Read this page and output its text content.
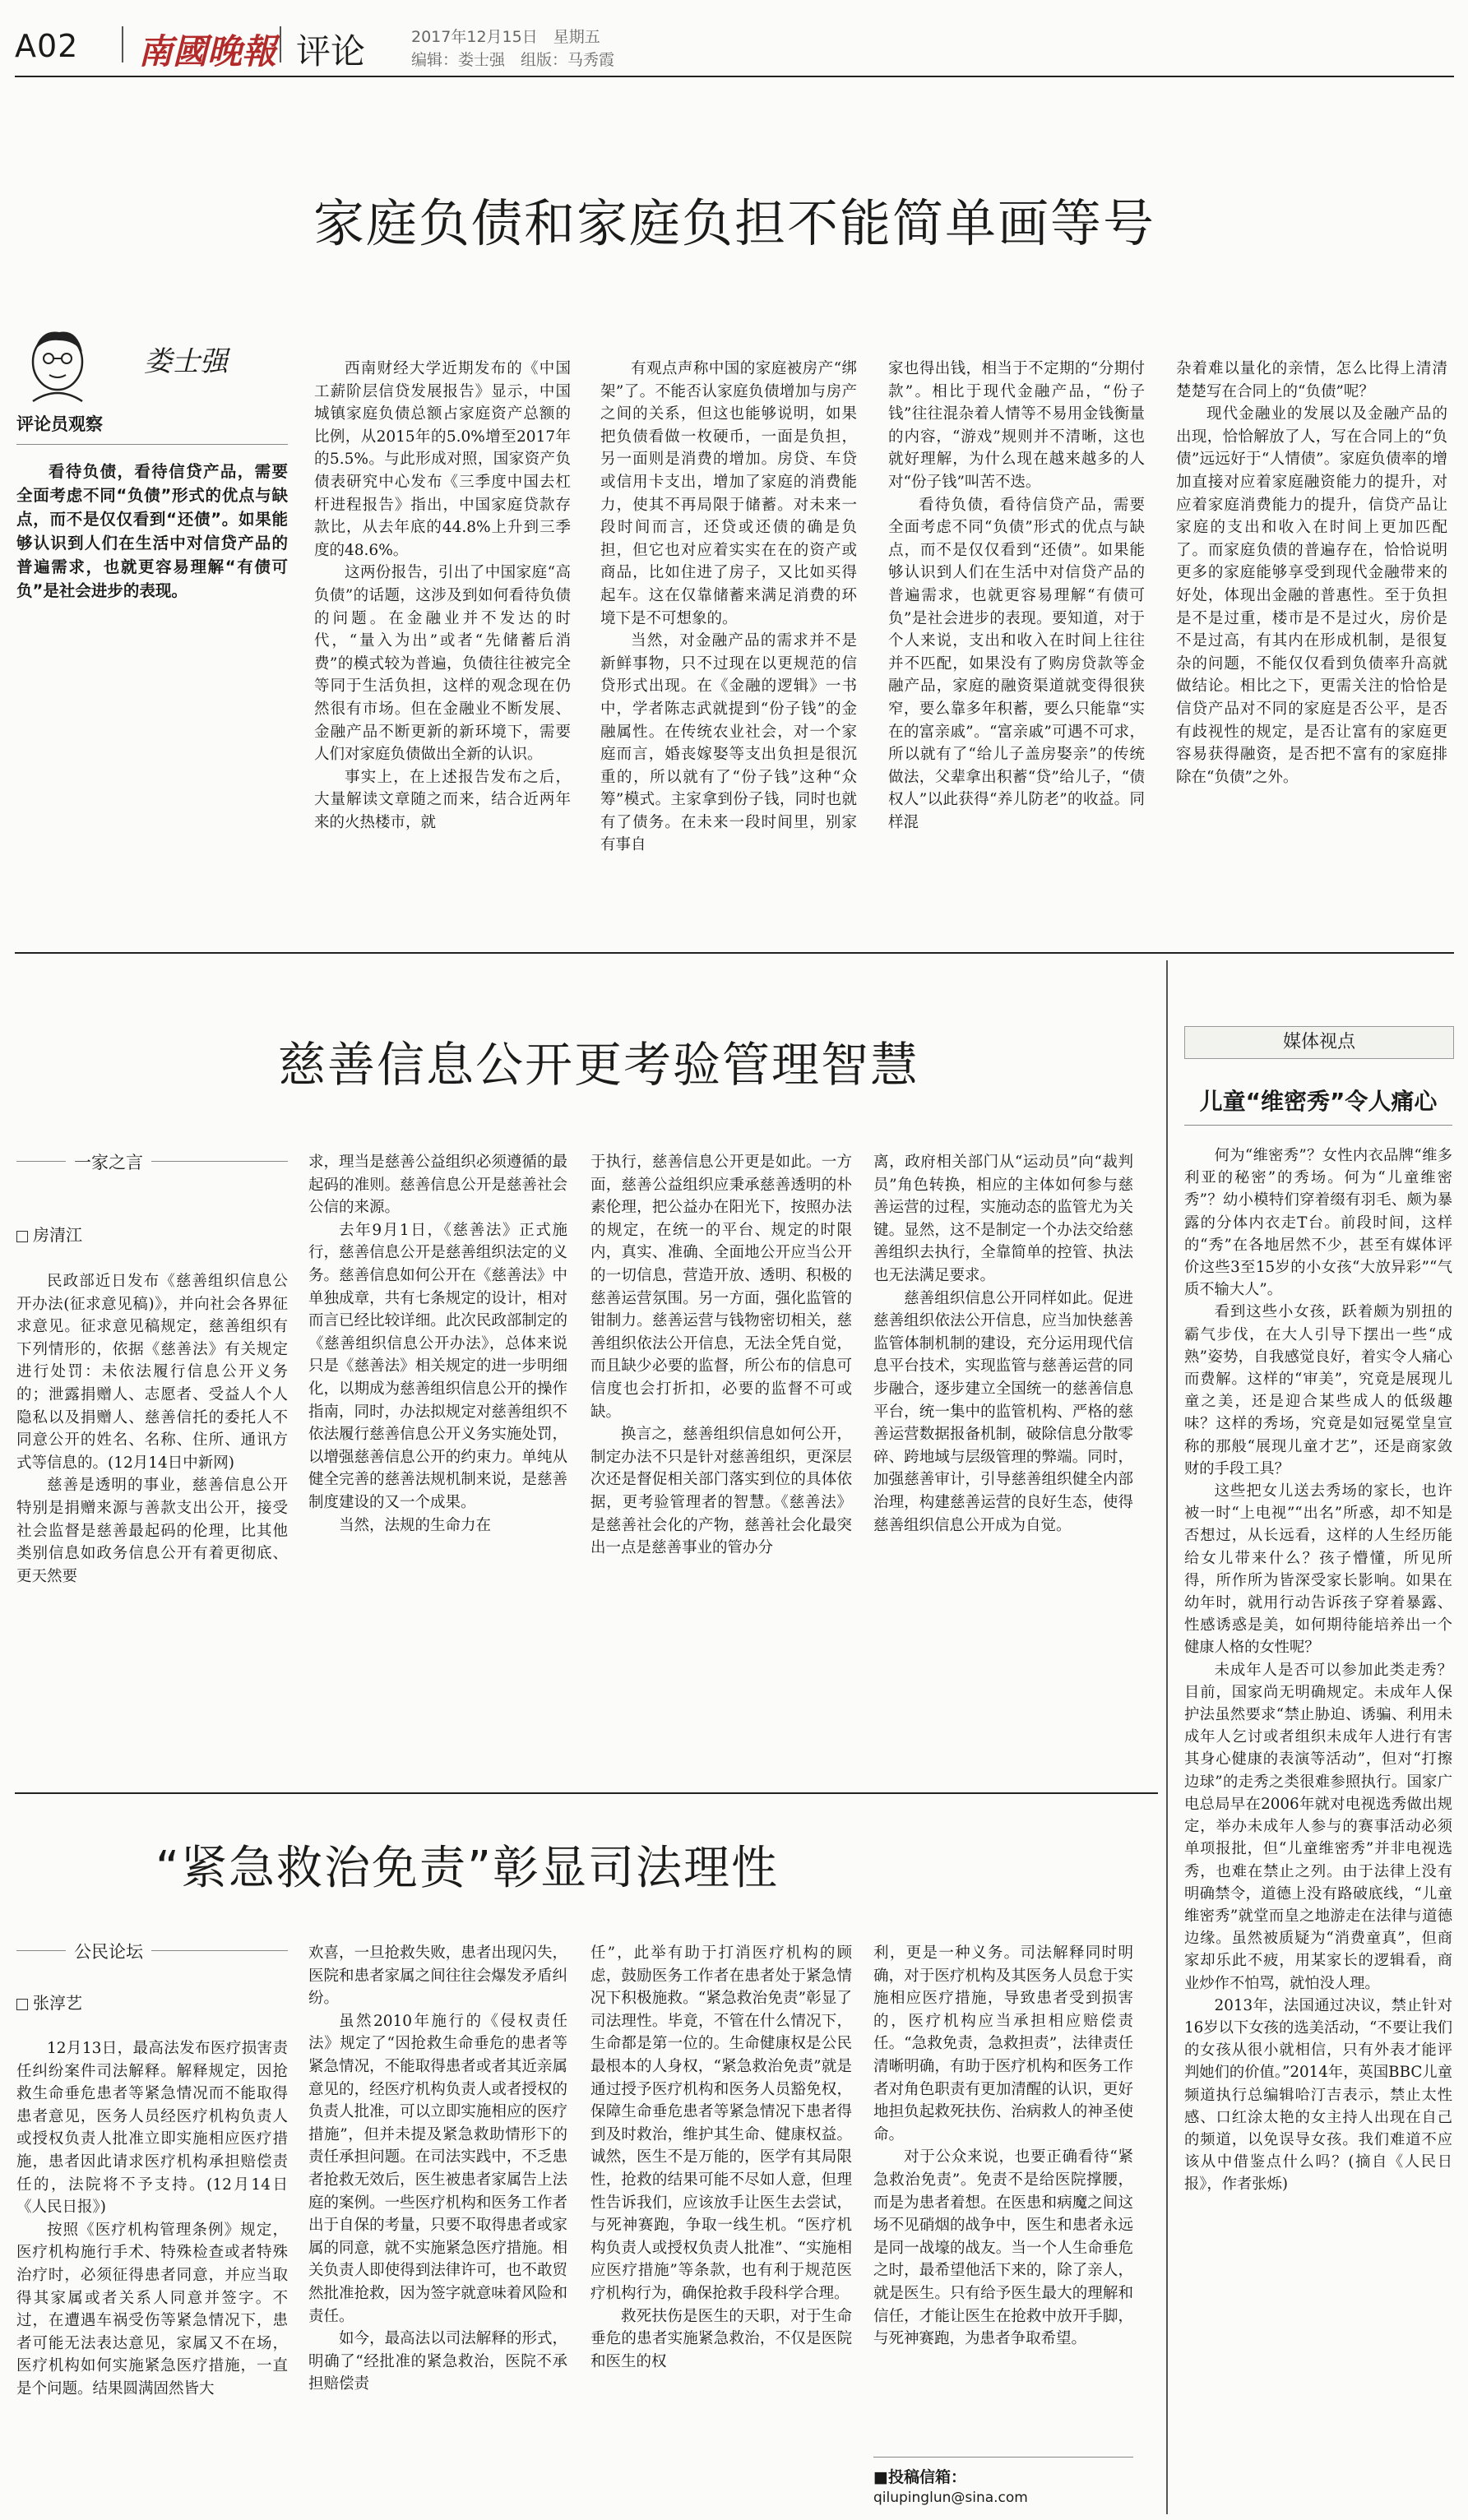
A02 南國晚報 评论	2017年12月15日　星期五
编辑：娄士强　组版：马秀霞
家庭负债和家庭负担不能简单画等号
娄士强
评论员观察
看待负债，看待信贷产品，需要全面考虑不同“负债”形式的优点与缺点，而不是仅仅看到“还债”。如果能够认识到人们在生活中对信贷产品的普遍需求，也就更容易理解“有债可负”是社会进步的表现。

西南财经大学近期发布的《中国工薪阶层信贷发展报告》显示，中国城镇家庭负债总额占家庭资产总额的比例，从2015年的5.0%增至2017年的5.5%。与此形成对照，国家资产负债表研究中心发布《三季度中国去杠杆进程报告》指出，中国家庭贷款存款比，从去年底的44.8%上升到三季度的48.6%。

这两份报告，引出了中国家庭“高负债”的话题，这涉及到如何看待负债的问题。在金融业并不发达的时代，“量入为出”或者“先储蓄后消费”的模式较为普遍，负债往往被完全等同于生活负担，这样的观念现在仍然很有市场。但在金融业不断发展、金融产品不断更新的新环境下，需要人们对家庭负债做出全新的认识。

事实上，在上述报告发布之后，大量解读文章随之而来，结合近两年来的火热楼市，就

有观点声称中国的家庭被房产“绑架”了。不能否认家庭负债增加与房产之间的关系，但这也能够说明，如果把负债看做一枚硬币，一面是负担，另一面则是消费的增加。房贷、车贷或信用卡支出，增加了家庭的消费能力，使其不再局限于储蓄。对未来一段时间而言，还贷或还债的确是负担，但它也对应着实实在在的资产或商品，比如住进了房子，又比如买得起车。这在仅靠储蓄来满足消费的环境下是不可想象的。

当然，对金融产品的需求并不是新鲜事物，只不过现在以更规范的信贷形式出现。在《金融的逻辑》一书中，学者陈志武就提到“份子钱”的金融属性。在传统农业社会，对一个家庭而言，婚丧嫁娶等支出负担是很沉重的，所以就有了“份子钱”这种“众筹”模式。主家拿到份子钱，同时也就有了债务。在未来一段时间里，别家有事自

家也得出钱，相当于不定期的“分期付款”。相比于现代金融产品，“份子钱”往往混杂着人情等不易用金钱衡量的内容，“游戏”规则并不清晰，这也就好理解，为什么现在越来越多的人对“份子钱”叫苦不迭。

看待负债，看待信贷产品，需要全面考虑不同“负债”形式的优点与缺点，而不是仅仅看到“还债”。如果能够认识到人们在生活中对信贷产品的普遍需求，也就更容易理解“有债可负”是社会进步的表现。要知道，对于个人来说，支出和收入在时间上往往并不匹配，如果没有了购房贷款等金融产品，家庭的融资渠道就变得很狭窄，要么靠多年积蓄，要么只能靠“实在的富亲戚”。“富亲戚”可遇不可求，所以就有了“给儿子盖房娶亲”的传统做法，父辈拿出积蓄“贷”给儿子，“债权人”以此获得“养儿防老”的收益。同样混

杂着难以量化的亲情，怎么比得上清清楚楚写在合同上的“负债”呢？

现代金融业的发展以及金融产品的出现，恰恰解放了人，写在合同上的“负债”远远好于“人情债”。家庭负债率的增加直接对应着家庭融资能力的提升，对应着家庭消费能力的提升，信贷产品让家庭的支出和收入在时间上更加匹配了。而家庭负债的普遍存在，恰恰说明更多的家庭能够享受到现代金融带来的好处，体现出金融的普惠性。至于负担是不是过重，楼市是不是过火，房价是不是过高，有其内在形成机制，是很复杂的问题，不能仅仅看到负债率升高就做结论。相比之下，更需关注的恰恰是信贷产品对不同的家庭是否公平，是否有歧视性的规定，是否让富有的家庭更容易获得融资，是否把不富有的家庭排除在“负债”之外。

慈善信息公开更考验管理智慧
一家之言
房清江

民政部近日发布《慈善组织信息公开办法(征求意见稿)》，并向社会各界征求意见。征求意见稿规定，慈善组织有下列情形的，依据《慈善法》有关规定进行处罚：未依法履行信息公开义务的；泄露捐赠人、志愿者、受益人个人隐私以及捐赠人、慈善信托的委托人不同意公开的姓名、名称、住所、通讯方式等信息的。(12月14日中新网)

慈善是透明的事业，慈善信息公开特别是捐赠来源与善款支出公开，接受社会监督是慈善最起码的伦理，比其他类别信息如政务信息公开有着更彻底、更天然要

求，理当是慈善公益组织必须遵循的最起码的准则。慈善信息公开是慈善社会公信的来源。

去年9月1日，《慈善法》正式施行，慈善信息公开是慈善组织法定的义务。慈善信息如何公开在《慈善法》中单独成章，共有七条规定的设计，相对而言已经比较详细。此次民政部制定的《慈善组织信息公开办法》，总体来说只是《慈善法》相关规定的进一步明细化，以期成为慈善组织信息公开的操作指南，同时，办法拟规定对慈善组织不依法履行慈善信息公开义务实施处罚，以增强慈善信息公开的约束力。单纯从健全完善的慈善法规机制来说，是慈善制度建设的又一个成果。

当然，法规的生命力在

于执行，慈善信息公开更是如此。一方面，慈善公益组织应秉承慈善透明的朴素伦理，把公益办在阳光下，按照办法的规定，在统一的平台、规定的时限内，真实、准确、全面地公开应当公开的一切信息，营造开放、透明、积极的慈善运营氛围。另一方面，强化监管的钳制力。慈善运营与钱物密切相关，慈善组织依法公开信息，无法全凭自觉，而且缺少必要的监督，所公布的信息可信度也会打折扣，必要的监督不可或缺。

换言之，慈善组织信息如何公开，制定办法不只是针对慈善组织，更深层次还是督促相关部门落实到位的具体依据，更考验管理者的智慧。《慈善法》是慈善社会化的产物，慈善社会化最突出一点是慈善事业的管办分

离，政府相关部门从“运动员”向“裁判员”角色转换，相应的主体如何参与慈善运营的过程，实施动态的监管尤为关键。显然，这不是制定一个办法交给慈善组织去执行，全靠简单的控管、执法也无法满足要求。

慈善组织信息公开同样如此。促进慈善组织依法公开信息，应当加快慈善监管体制机制的建设，充分运用现代信息平台技术，实现监管与慈善运营的同步融合，逐步建立全国统一的慈善信息平台，统一集中的监管机构、严格的慈善运营数据报备机制，破除信息分散零碎、跨地域与层级管理的弊端。同时，加强慈善审计，引导慈善组织健全内部治理，构建慈善运营的良好生态，使得慈善组织信息公开成为自觉。

“紧急救治免责”彰显司法理性
公民论坛
张淳艺

12月13日，最高法发布医疗损害责任纠纷案件司法解释。解释规定，因抢救生命垂危患者等紧急情况而不能取得患者意见，医务人员经医疗机构负责人或授权负责人批准立即实施相应医疗措施，患者因此请求医疗机构承担赔偿责任的，法院将不予支持。(12月14日《人民日报》)

按照《医疗机构管理条例》规定，医疗机构施行手术、特殊检查或者特殊治疗时，必须征得患者同意，并应当取得其家属或者关系人同意并签字。不过，在遭遇车祸受伤等紧急情况下，患者可能无法表达意见，家属又不在场，医疗机构如何实施紧急医疗措施，一直是个问题。结果圆满固然皆大

欢喜，一旦抢救失败，患者出现闪失，医院和患者家属之间往往会爆发矛盾纠纷。

虽然2010年施行的《侵权责任法》规定了“因抢救生命垂危的患者等紧急情况，不能取得患者或者其近亲属意见的，经医疗机构负责人或者授权的负责人批准，可以立即实施相应的医疗措施”，但并未提及紧急救助情形下的责任承担问题。在司法实践中，不乏患者抢救无效后，医生被患者家属告上法庭的案例。一些医疗机构和医务工作者出于自保的考量，只要不取得患者或家属的同意，就不实施紧急医疗措施。相关负责人即使得到法律许可，也不敢贸然批准抢救，因为签字就意味着风险和责任。

如今，最高法以司法解释的形式，明确了“经批准的紧急救治，医院不承担赔偿责

任”，此举有助于打消医疗机构的顾虑，鼓励医务工作者在患者处于紧急情况下积极施救。“紧急救治免责”彰显了司法理性。毕竟，不管在什么情况下，生命都是第一位的。生命健康权是公民最根本的人身权，“紧急救治免责”就是通过授予医疗机构和医务人员豁免权，保障生命垂危患者等紧急情况下患者得到及时救治，维护其生命、健康权益。诚然，医生不是万能的，医学有其局限性，抢救的结果可能不尽如人意，但理性告诉我们，应该放手让医生去尝试，与死神赛跑，争取一线生机。“医疗机构负责人或授权负责人批准”、“实施相应医疗措施”等条款，也有利于规范医疗机构行为，确保抢救手段科学合理。

救死扶伤是医生的天职，对于生命垂危的患者实施紧急救治，不仅是医院和医生的权

利，更是一种义务。司法解释同时明确，对于医疗机构及其医务人员怠于实施相应医疗措施，导致患者受到损害的，医疗机构应当承担相应赔偿责任。“急救免责，急救担责”，法律责任清晰明确，有助于医疗机构和医务工作者对角色职责有更加清醒的认识，更好地担负起救死扶伤、治病救人的神圣使命。

对于公众来说，也要正确看待“紧急救治免责”。免责不是给医院撑腰，而是为患者着想。在医患和病魔之间这场不见硝烟的战争中，医生和患者永远是同一战壕的战友。当一个人生命垂危之时，最希望他活下来的，除了亲人，就是医生。只有给予医生最大的理解和信任，才能让医生在抢救中放开手脚，与死神赛跑，为患者争取希望。

■投稿信箱：
qilupinglun@sina.com
媒体视点
儿童“维密秀”令人痛心

何为“维密秀”？女性内衣品牌“维多利亚的秘密”的秀场。何为“儿童维密秀”？幼小模特们穿着缀有羽毛、颇为暴露的分体内衣走T台。前段时间，这样的“秀”在各地居然不少，甚至有媒体评价这些3至15岁的小女孩“大放异彩”“气质不输大人”。

看到这些小女孩，跃着颇为别扭的霸气步伐，在大人引导下摆出一些“成熟”姿势，自我感觉良好，着实令人痛心而费解。这样的“审美”，究竟是展现儿童之美，还是迎合某些成人的低级趣味？这样的秀场，究竟是如冠冕堂皇宣称的那般“展现儿童才艺”，还是商家敛财的手段工具？

这些把女儿送去秀场的家长，也许被一时“上电视”“出名”所惑，却不知是否想过，从长远看，这样的人生经历能给女儿带来什么？孩子懵懂，所见所得，所作所为皆深受家长影响。如果在幼年时，就用行动告诉孩子穿着暴露、性感诱惑是美，如何期待能培养出一个健康人格的女性呢？

未成年人是否可以参加此类走秀？目前，国家尚无明确规定。未成年人保护法虽然要求“禁止胁迫、诱骗、利用未成年人乞讨或者组织未成年人进行有害其身心健康的表演等活动”，但对“打擦边球”的走秀之类很难参照执行。国家广电总局早在2006年就对电视选秀做出规定，举办未成年人参与的赛事活动必须单项报批，但“儿童维密秀”并非电视选秀，也难在禁止之列。由于法律上没有明确禁令，道德上没有路破底线，“儿童维密秀”就堂而皇之地游走在法律与道德边缘。虽然被质疑为“消费童真”，但商家却乐此不疲，用某家长的逻辑看，商业炒作不怕骂，就怕没人理。

2013年，法国通过决议，禁止针对16岁以下女孩的选美活动，“不要让我们的女孩从很小就相信，只有外表才能评判她们的价值。”2014年，英国BBC儿童频道执行总编辑哈汀吉表示，禁止太性感、口红涂太艳的女主持人出现在自己的频道，以免误导女孩。我们难道不应该从中借鉴点什么吗？(摘自《人民日报》，作者张烁)
